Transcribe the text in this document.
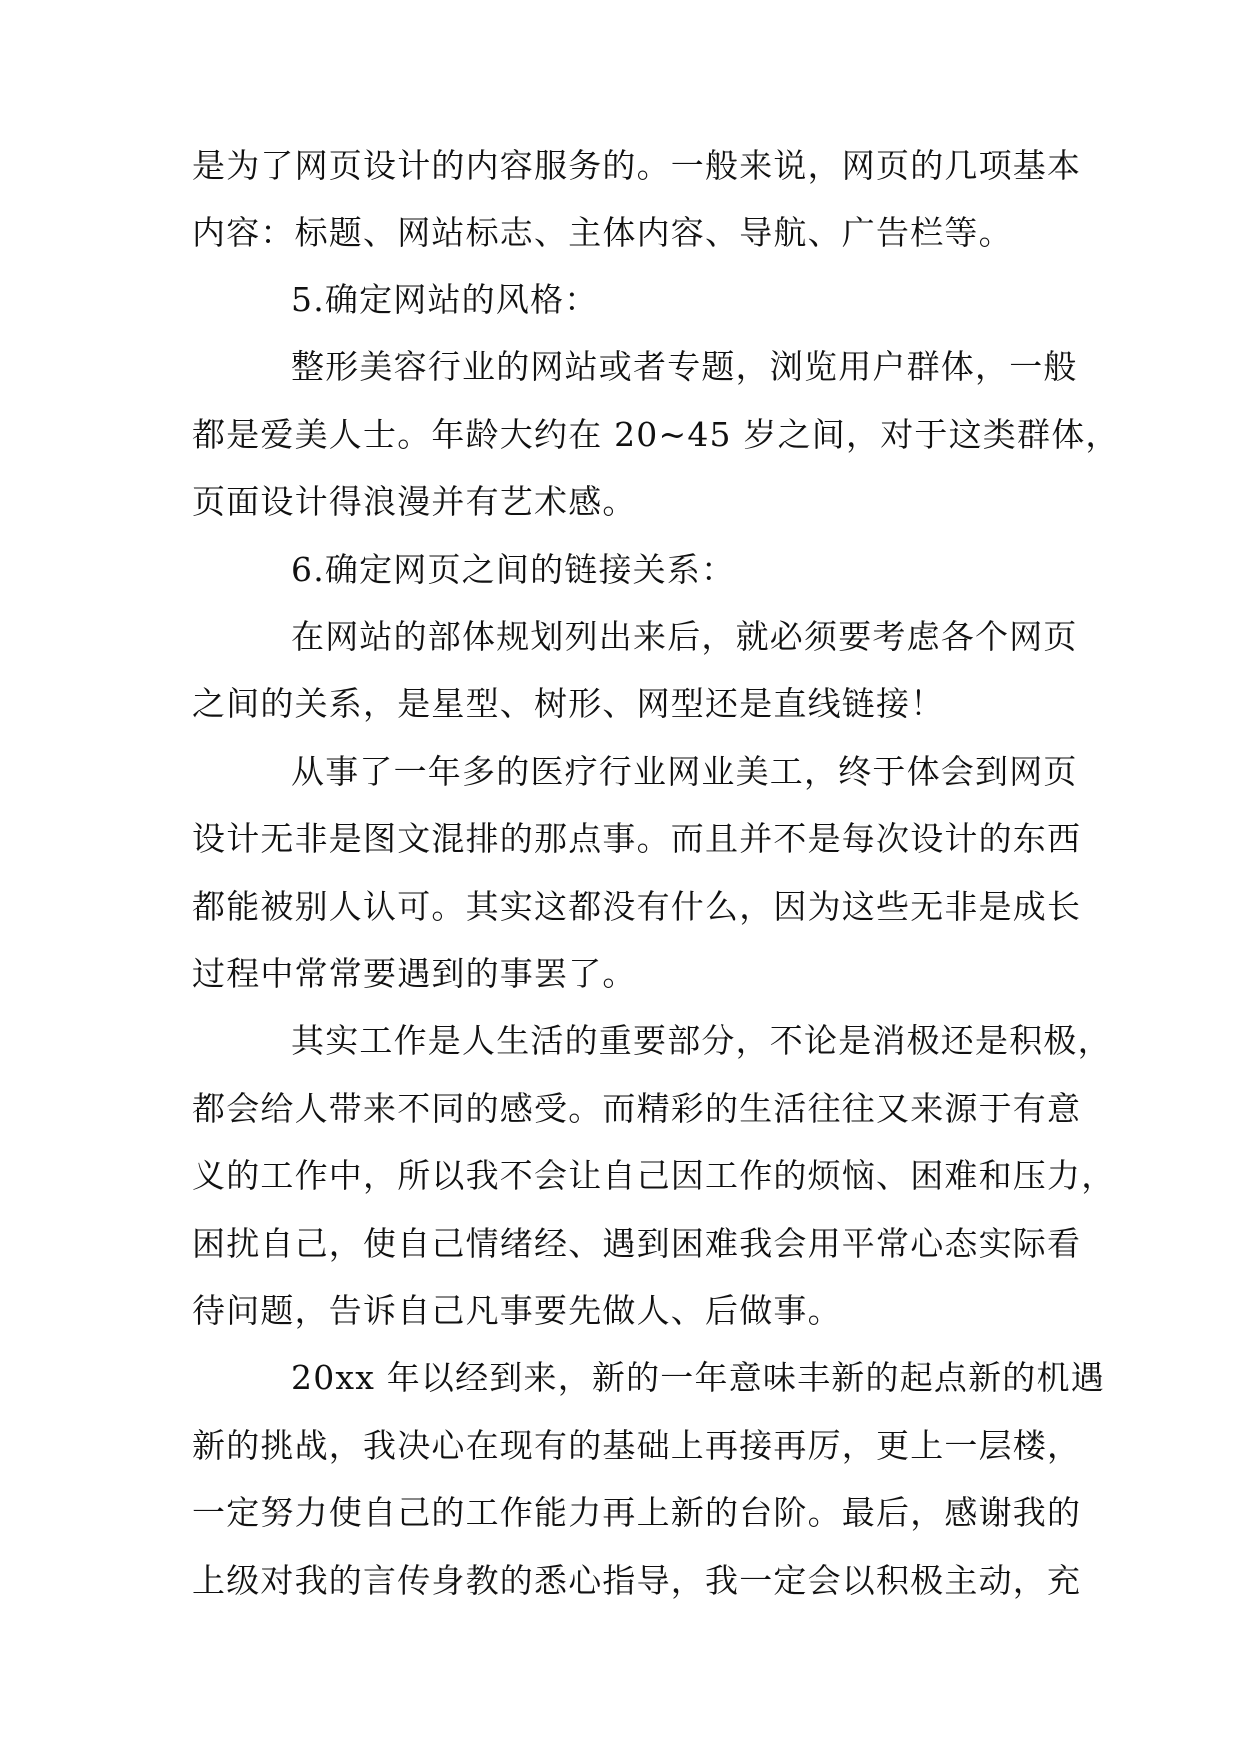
是为了网页设计的内容服务的。一般来说，网页的几项基本
内容：标题、网站标志、主体内容、导航、广告栏等。
5.确定网站的风格：
整形美容行业的网站或者专题，浏览用户群体，一般
都是爱美人士。年龄大约在 20~45 岁之间，对于这类群体，
页面设计得浪漫并有艺术感。
6.确定网页之间的链接关系：
在网站的部体规划列出来后，就必须要考虑各个网页
之间的关系，是星型、树形、网型还是直线链接！
从事了一年多的医疗行业网业美工，终于体会到网页
设计无非是图文混排的那点事。而且并不是每次设计的东西
都能被别人认可。其实这都没有什么，因为这些无非是成长
过程中常常要遇到的事罢了。
其实工作是人生活的重要部分，不论是消极还是积极，
都会给人带来不同的感受。而精彩的生活往往又来源于有意
义的工作中，所以我不会让自己因工作的烦恼、困难和压力，
困扰自己，使自己情绪经、遇到困难我会用平常心态实际看
待问题，告诉自己凡事要先做人、后做事。
20xx 年以经到来，新的一年意味丰新的起点新的机遇
新的挑战，我决心在现有的基础上再接再厉，更上一层楼，
一定努力使自己的工作能力再上新的台阶。最后，感谢我的
上级对我的言传身教的悉心指导，我一定会以积极主动，充
